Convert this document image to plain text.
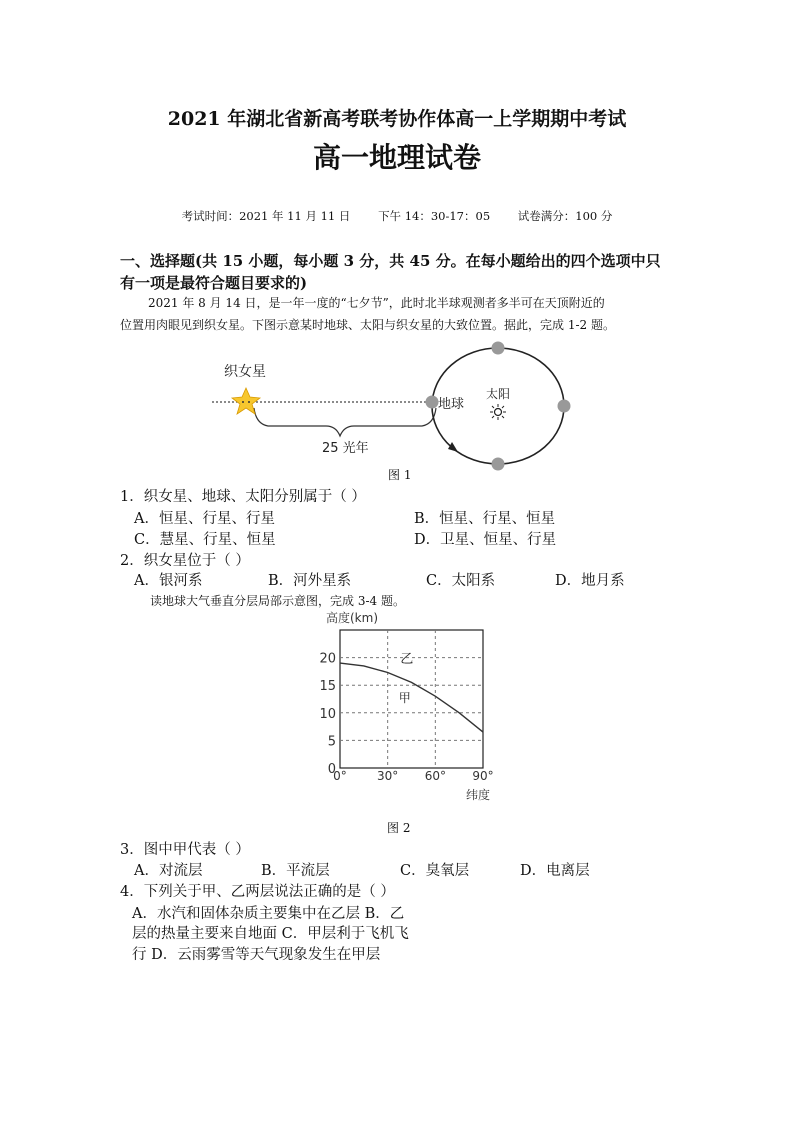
2021 年湖北省新高考联考协作体高一上学期期中考试
高一地理试卷
考试时间：2021 年 11 月 11 日 下午 14：30-17：05 试卷满分：100 分
一、选择题(共 15 小题，每小题 3 分，共 45 分。在每小题给出的四个选项中只
有一项是最符合题目要求的)
2021 年 8 月 14 日，是一年一度的“七夕节”，此时北半球观测者多半可在天顶附近的
位置用肉眼见到织女星。下图示意某时地球、太阳与织女星的大致位置。据此，完成 1-2 题。
织女星
25 光年
地球
太阳
图 1
1．织女星、地球、太阳分别属于（ ）
A．恒星、行星、行星	B．恒星、行星、恒星
C．慧星、行星、恒星	D．卫星、恒星、行星
2．织女星位于（ ）
A．银河系	B．河外星系	C．太阳系	D．地月系
读地球大气垂直分层局部示意图，完成 3-4 题。
0°	30° 60° 90°
0
5
10
15
20
高度(km)
纬度
乙
甲
图 2
3．图中甲代表（ ）
A．对流层	B．平流层	C．臭氧层	D．电离层
4．下列关于甲、乙两层说法正确的是（ ）
A．水汽和固体杂质主要集中在乙层 B．乙
层的热量主要来自地面 C．甲层利于飞机飞
行 D．云雨雾雪等天气现象发生在甲层
